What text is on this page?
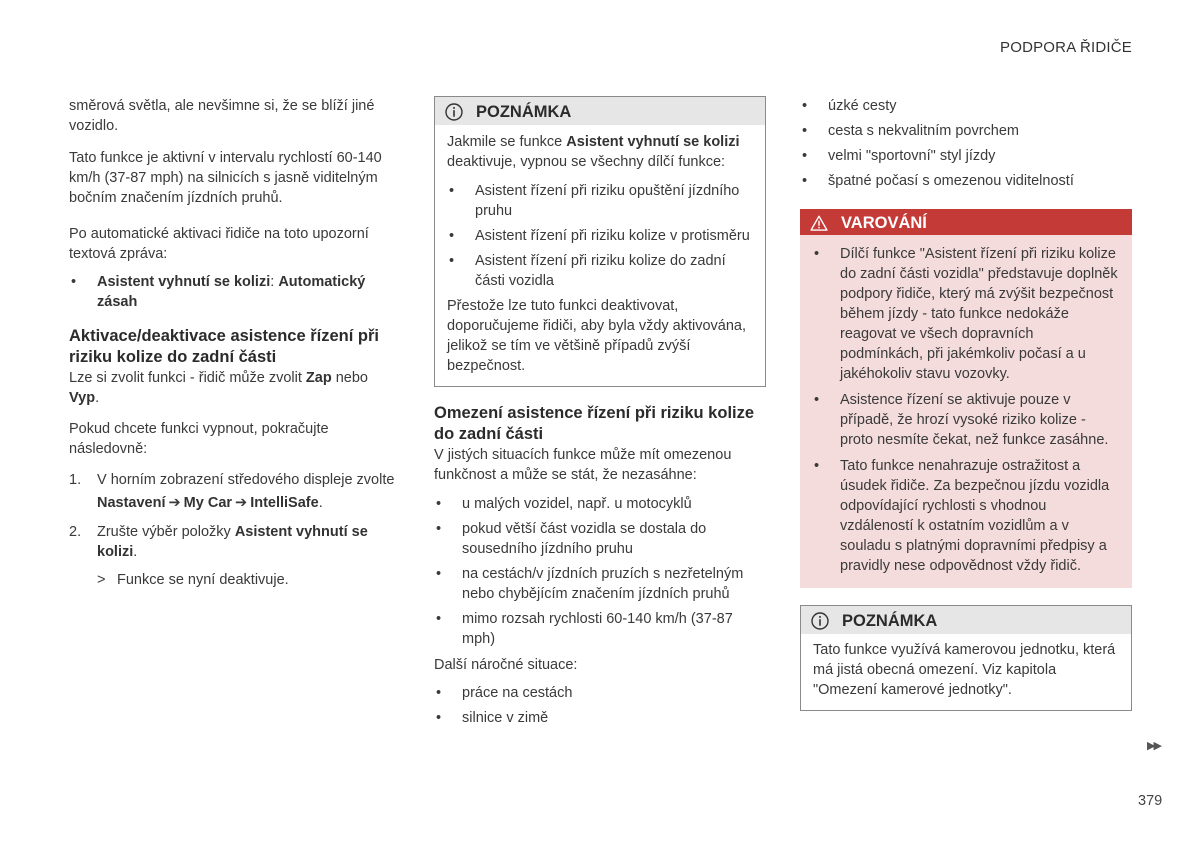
PODPORA ŘIDIČE

směrová světla, ale nevšimne si, že se blíží jiné vozidlo.

Tato funkce je aktivní v intervalu rychlostí 60-140 km/h (37-87 mph) na silnicích s jasně viditelným bočním značením jízdních pruhů.

Po automatické aktivaci řidiče na toto upozorní textová zpráva:

• Asistent vyhnutí se kolizi: Automatický zásah
Aktivace/deaktivace asistence řízení při riziku kolize do zadní části

Lze si zvolit funkci - řidič může zvolit Zap nebo Vyp.

Pokud chcete funkci vypnout, pokračujte následovně:

1. V horním zobrazení středového displeje zvolte
Nastavení ➔ My Car ➔ IntelliSafe.
2. Zrušte výběr položky Asistent vyhnutí se kolizi.
> Funkce se nyní deaktivuje.
POZNÁMKA

Jakmile se funkce Asistent vyhnutí se kolizi deaktivuje, vypnou se všechny dílčí funkce:

• Asistent řízení při riziku opuštění jízdního pruhu
• Asistent řízení při riziku kolize v protisměru
• Asistent řízení při riziku kolize do zadní části vozidla

Přestože lze tuto funkci deaktivovat, doporučujeme řidiči, aby byla vždy aktivována, jelikož se tím ve většině případů zvýší bezpečnost.

Omezení asistence řízení při riziku kolize do zadní části

V jistých situacích funkce může mít omezenou funkčnost a může se stát, že nezasáhne:

• u malých vozidel, např. u motocyklů
• pokud větší část vozidla se dostala do sousedního jízdního pruhu
• na cestách/v jízdních pruzích s nezřetelným nebo chybějícím značením jízdních pruhů
• mimo rozsah rychlosti 60-140 km/h (37-87 mph)

Další náročné situace:

• práce na cestách
• silnice v zimě
• úzké cesty
• cesta s nekvalitním povrchem
• velmi "sportovní" styl jízdy
• špatné počasí s omezenou viditelností
VAROVÁNÍ
• Dílčí funkce "Asistent řízení při riziku kolize do zadní části vozidla" představuje doplněk podpory řidiče, který má zvýšit bezpečnost během jízdy - tato funkce nedokáže reagovat ve všech dopravních podmínkách, při jakémkoliv počasí a u jakéhokoliv stavu vozovky.
• Asistence řízení se aktivuje pouze v případě, že hrozí vysoké riziko kolize - proto nesmíte čekat, než funkce zasáhne.
• Tato funkce nenahrazuje ostražitost a úsudek řidiče. Za bezpečnou jízdu vozidla odpovídající rychlosti s vhodnou vzdáleností k ostatním vozidlům a v souladu s platnými dopravními předpisy a pravidly nese odpovědnost vždy řidič.
POZNÁMKA

Tato funkce využívá kamerovou jednotku, která má jistá obecná omezení. Viz kapitola "Omezení kamerové jednotky".

▶▶
379
